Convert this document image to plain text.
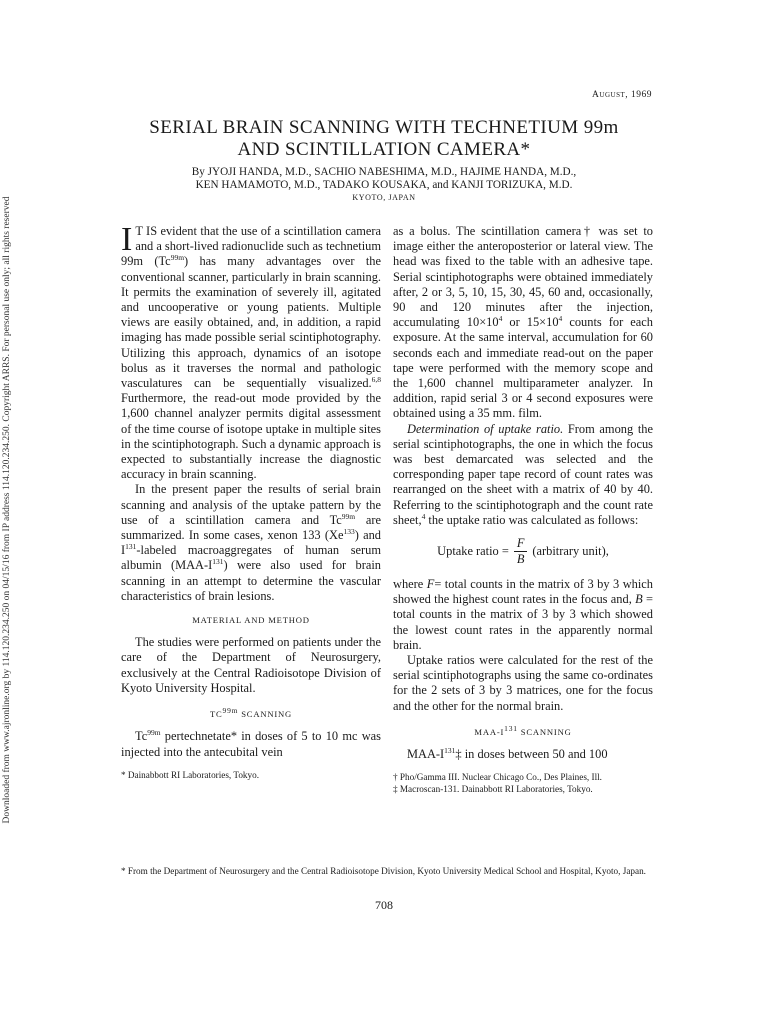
Downloaded from www.ajronline.org by 114.120.234.250 on 04/15/16 from IP address 114.120.234.250. Copyright ARRS. For personal use only; all rights reserved
August, 1969
SERIAL BRAIN SCANNING WITH TECHNETIUM 99m
AND SCINTILLATION CAMERA*
By JYOJI HANDA, M.D., SACHIO NABESHIMA, M.D., HAJIME HANDA, M.D.,
KEN HAMAMOTO, M.D., TADAKO KOUSAKA, and KANJI TORIZUKA, M.D.
KYOTO, JAPAN

I T IS evident that the use of a scintillation camera and a short-lived radionuclide such as technetium 99m $(Tc^{99m})$ has many advantages over the conventional scanner, particularly in brain scanning. It permits the examination of severely ill, agitated and uncooperative or young patients. Multiple views are easily obtained, and, in addition, a rapid imaging has made possible serial scintiphotography. Utilizing this approach, dynamics of an isotope bolus as it traverses the normal and pathologic vasculatures can be sequentially visualized.$^{6,8}$ Furthermore, the read-out mode provided by the 1,600 channel analyzer permits digital assessment of the time course of isotope uptake in multiple sites in the scintiphotograph. Such a dynamic approach is expected to substantially increase the diagnostic accuracy in brain scanning.

In the present paper the results of serial brain scanning and analysis of the uptake pattern by the use of a scintillation camera and $Tc^{99m}$ are summarized. In some cases, xenon 133 (Xe$^{133}$) and $I^{131}$-labeled macroaggregates of human serum albumin $(MAA-I^{131})$ were also used for brain scanning in an attempt to determine the vascular characteristics of brain lesions.

MATERIAL AND METHOD

The studies were performed on patients under the care of the Department of Neurosurgery, exclusively at the Central Radioisotope Division of Kyoto University Hospital.

$TC^{99m}$ SCANNING

$Tc^{99m}$ pertechnetate* in doses of 5 to 10 mc was injected into the antecubital vein

* Dainabbott RI Laboratories, Tokyo.

as a bolus. The scintillation camera† was set to image either the anteroposterior or lateral view. The head was fixed to the table with an adhesive tape. Serial scintiphotographs were obtained immediately after, 2 or 3, 5, 10, 15, 30, 45, 60 and, occasionally, 90 and 120 minutes after the injection, accumulating $10\times 10^4$ or $15\times 10^4$ counts for each exposure. At the same interval, accumulation for 60 seconds each and immediate read-out on the paper tape were performed with the memory scope and the 1,600 channel multiparameter analyzer. In addition, rapid serial 3 or 4 second exposures were obtained using a 35 mm. film.

Determination of uptake ratio. From among the serial scintiphotographs, the one in which the focus was best demarcated was selected and the corresponding paper tape record of count rates was rearranged on the sheet with a matrix of 40 by 40. Referring to the scintiphotograph and the count rate sheet,$^4$ the uptake ratio was calculated as follows:

Uptake ratio = $\frac{F}{B}$ (arbitrary unit),

where F= total counts in the matrix of 3 by 3 which showed the highest count rates in the focus and, B = total counts in the matrix of 3 by 3 which showed the lowest count rates in the apparently normal brain.

Uptake ratios were calculated for the rest of the serial scintiphotographs using the same co-ordinates for the 2 sets of 3 by 3 matrices, one for the focus and the other for the normal brain.

MAA-$I^{131}$ SCANNING

MAA-$I^{131}\ddagger$ in doses between 50 and 100

† Pho/Gamma III. Nuclear Chicago Co., Des Plaines, Ill.
‡ Macroscan-131. Dainabbott RI Laboratories, Tokyo.
* From the Department of Neurosurgery and the Central Radioisotope Division, Kyoto University Medical School and Hospital, Kyoto, Japan.
708
